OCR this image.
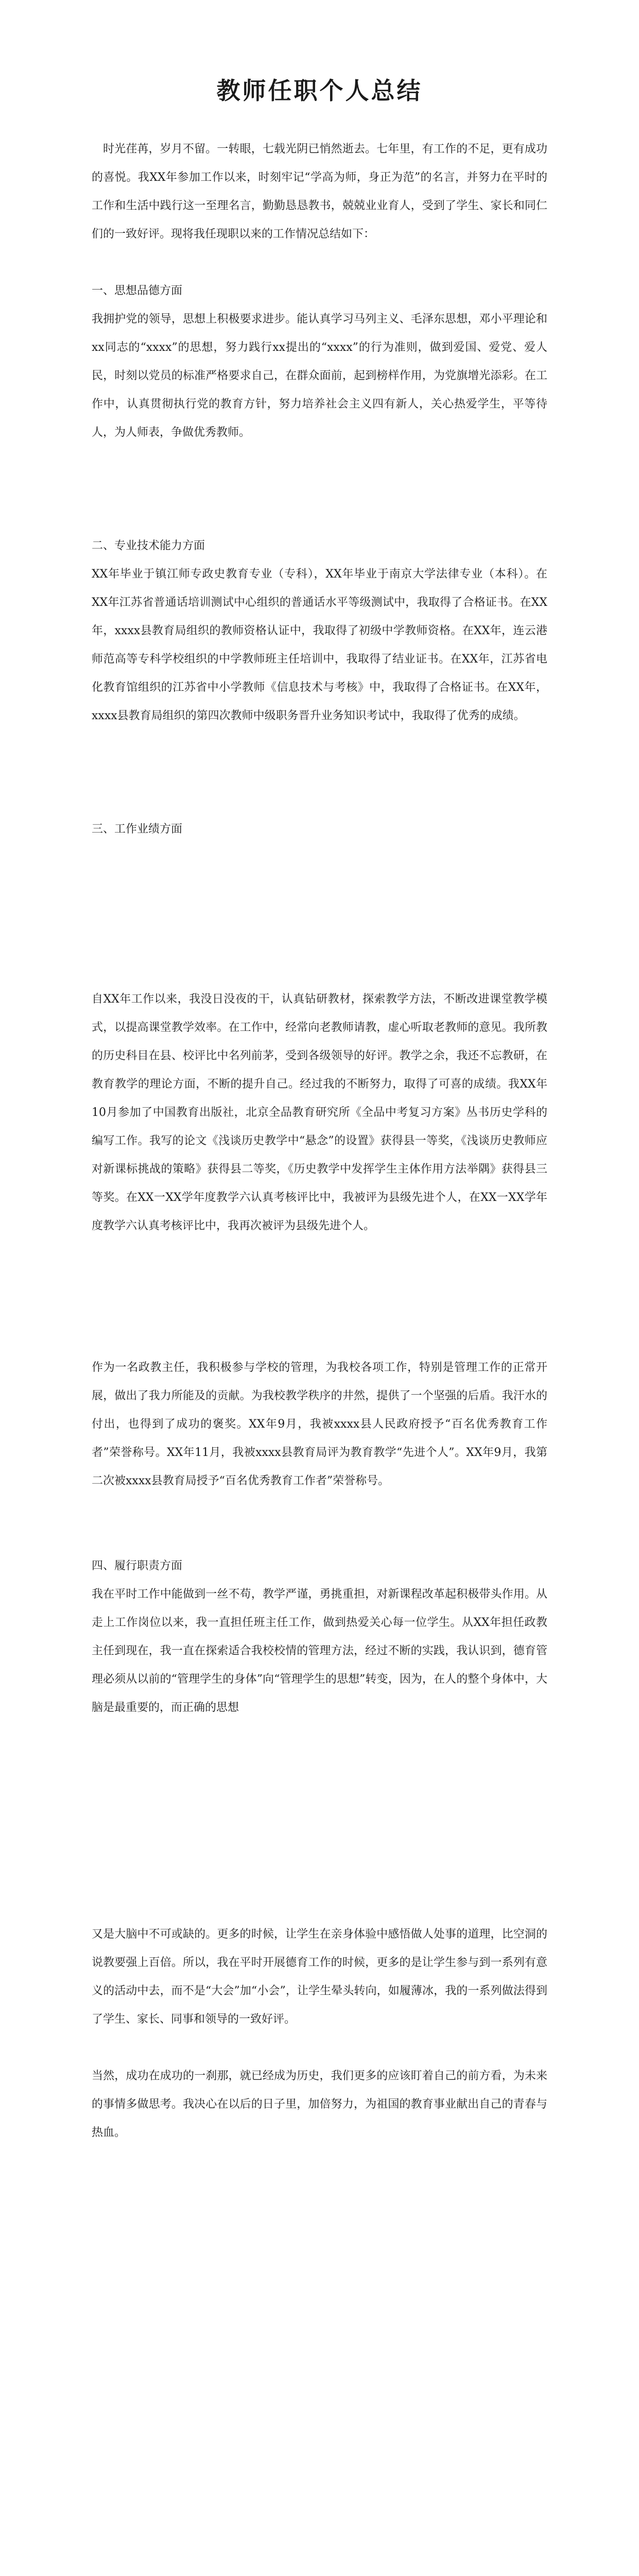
教师任职个人总结

时光荏苒，岁月不留。一转眼，七载光阴已悄然逝去。七年里，有工作的不足，更有成功的喜悦。我XX年参加工作以来，时刻牢记“学高为师，身正为范”的名言，并努力在平时的工作和生活中践行这一至理名言，勤勤恳恳教书，兢兢业业育人，受到了学生、家长和同仁们的一致好评。现将我任现职以来的工作情况总结如下：

一、思想品德方面

我拥护党的领导，思想上积极要求进步。能认真学习马列主义、毛泽东思想，邓小平理论和xx同志的“xxxx”的思想，努力践行xx提出的“xxxx”的行为准则，做到爱国、爱党、爱人民，时刻以党员的标准严格要求自己，在群众面前，起到榜样作用，为党旗增光添彩。在工作中，认真贯彻执行党的教育方针，努力培养社会主义四有新人，关心热爱学生，平等待人，为人师表，争做优秀教师。

二、专业技术能力方面

XX年毕业于镇江师专政史教育专业（专科），XX年毕业于南京大学法律专业（本科）。在XX年江苏省普通话培训测试中心组织的普通话水平等级测试中，我取得了合格证书。在XX年，xxxx县教育局组织的教师资格认证中，我取得了初级中学教师资格。在XX年，连云港师范高等专科学校组织的中学教师班主任培训中，我取得了结业证书。在XX年，江苏省电化教育馆组织的江苏省中小学教师《信息技术与考核》中，我取得了合格证书。在XX年，xxxx县教育局组织的第四次教师中级职务晋升业务知识考试中，我取得了优秀的成绩。

三、工作业绩方面

自XX年工作以来，我没日没夜的干，认真钻研教材，探索教学方法，不断改进课堂教学模式，以提高课堂教学效率。在工作中，经常向老教师请教，虚心听取老教师的意见。我所教的历史科目在县、校评比中名列前茅，受到各级领导的好评。教学之余，我还不忘教研，在教育教学的理论方面，不断的提升自己。经过我的不断努力，取得了可喜的成绩。我XX年10月参加了中国教育出版社，北京全品教育研究所《全品中考复习方案》丛书历史学科的编写工作。我写的论文《浅谈历史教学中“悬念”的设置》获得县一等奖，《浅谈历史教师应对新课标挑战的策略》获得县二等奖，《历史教学中发挥学生主体作用方法举隅》获得县三等奖。在XX一XX学年度教学六认真考核评比中，我被评为县级先进个人，在XX一XX学年度教学六认真考核评比中，我再次被评为县级先进个人。

作为一名政教主任，我积极参与学校的管理，为我校各项工作，特别是管理工作的正常开展，做出了我力所能及的贡献。为我校教学秩序的井然，提供了一个坚强的后盾。我汗水的付出，也得到了成功的褒奖。XX年9月，我被xxxx县人民政府授予“百名优秀教育工作者”荣誉称号。XX年11月，我被xxxx县教育局评为教育教学“先进个人”。XX年9月，我第二次被xxxx县教育局授予“百名优秀教育工作者”荣誉称号。

四、履行职责方面

我在平时工作中能做到一丝不苟，教学严谨，勇挑重担，对新课程改革起积极带头作用。从走上工作岗位以来，我一直担任班主任工作，做到热爱关心每一位学生。从XX年担任政教主任到现在，我一直在探索适合我校校情的管理方法，经过不断的实践，我认识到，德育管理必须从以前的“管理学生的身体”向“管理学生的思想”转变，因为，在人的整个身体中，大脑是最重要的，而正确的思想

又是大脑中不可或缺的。更多的时候，让学生在亲身体验中感悟做人处事的道理，比空洞的说教要强上百倍。所以，我在平时开展德育工作的时候，更多的是让学生参与到一系列有意义的活动中去，而不是“大会”加“小会”，让学生晕头转向，如履薄冰，我的一系列做法得到了学生、家长、同事和领导的一致好评。

当然，成功在成功的一刹那，就已经成为历史，我们更多的应该盯着自己的前方看，为未来的事情多做思考。我决心在以后的日子里，加倍努力，为祖国的教育事业献出自己的青春与热血。
